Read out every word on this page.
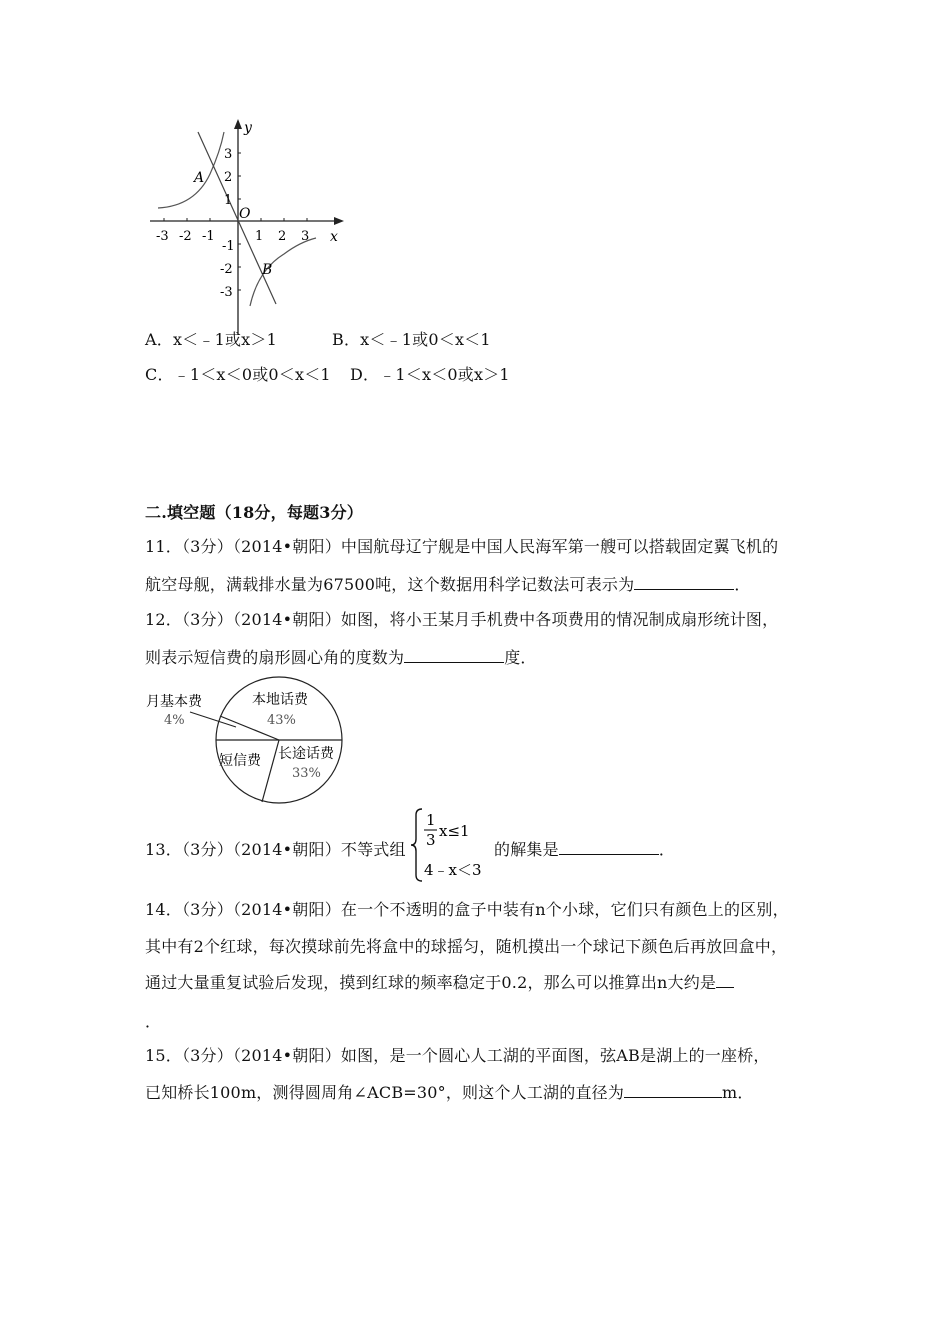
y
x
O
A
B
-3 -2 -1	1 2 3
3
2
1
-1
-2
-3
A．x＜﹣1或x＞1	B．x＜﹣1或0＜x＜1
C．﹣1＜x＜0或0＜x＜1 D．﹣1＜x＜0或x＞1
二.填空题（18分，每题3分）
11．（3分）（2014•朝阳）中国航母辽宁舰是中国人民海军第一艘可以搭载固定翼飞机的
航空母舰，满载排水量为67500吨，这个数据用科学记数法可表示为	．
12．（3分）（2014•朝阳）如图，将小王某月手机费中各项费用的情况制成扇形统计图，
则表示短信费的扇形圆心角的度数为	度．
月基本费
4%
本地话费
43%
短信费 长途话费
33%
13．（3分）（2014•朝阳）不等式组
1
3 x≤1
4﹣x＜3
的解集是	．
14．（3分）（2014•朝阳）在一个不透明的盒子中装有n个小球，它们只有颜色上的区别，
其中有2个红球，每次摸球前先将盒中的球摇匀，随机摸出一个球记下颜色后再放回盒中，
通过大量重复试验后发现，摸到红球的频率稳定于0.2，那么可以推算出n大约是
．
15．（3分）（2014•朝阳）如图，是一个圆心人工湖的平面图，弦AB是湖上的一座桥，
已知桥长100m，测得圆周角∠ACB=30°，则这个人工湖的直径为	m．
